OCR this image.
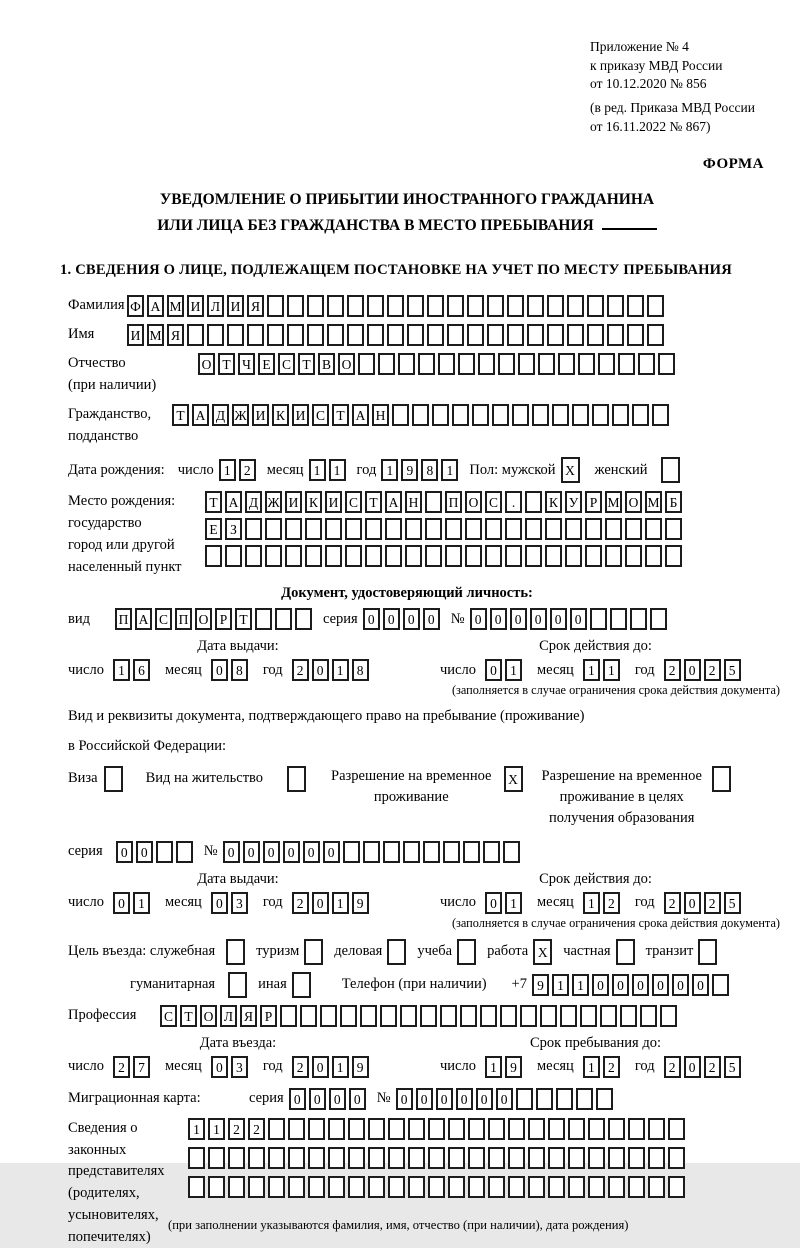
Приложение № 4
к приказу МВД России
от 10.12.2020 № 856
(в ред. Приказа МВД России
от 16.11.2022 № 867)
ФОРМА
УВЕДОМЛЕНИЕ О ПРИБЫТИИ ИНОСТРАННОГО ГРАЖДАНИНА
ИЛИ ЛИЦА БЕЗ ГРАЖДАНСТВА В МЕСТО ПРЕБЫВАНИЯ
1. СВЕДЕНИЯ О ЛИЦЕ, ПОДЛЕЖАЩЕМ ПОСТАНОВКЕ НА УЧЕТ ПО МЕСТУ ПРЕБЫВАНИЯ
Фамилия Ф А М И Л И Я
Имя	И М Я
Отчество
(при наличии)
О Т Ч Е С Т В О
Гражданство,
подданство
Т А Д Ж И К И С Т А Н
Дата рождения: число 1 2	месяц 1 1	год 1 9 8 1	Пол: мужской X	женский
Место рождения:
государство
город или другой
населенный пункт
Т А Д Ж И К И С Т А Н П О С .	К У Р М О М Б
Е З
Документ, удостоверяющий личность:
вид	П А С П О Р Т	серия 0 0 0 0	№ 0 0 0 0 0 0
Дата выдачи:
число 1 6 месяц 0 8 год 2 0 1 8
Срок действия до:
число 0 1 месяц 1 1 год 2 0 2 5
(заполняется в случае ограничения срока действия документа)
Вид и реквизиты документа, подтверждающего право на пребывание (проживание)
в Российской Федерации:
Виза	Вид на жительство	Разрешение на временное
проживание
X	Разрешение на временное
проживание в целях
получения образования
серия	0 0	№ 0 0 0 0 0 0
Дата выдачи:
число 0 1 месяц 0 3 год 2 0 1 9
Срок действия до:
число 0 1 месяц 1 2 год 2 0 2 5
(заполняется в случае ограничения срока действия документа)
Цель въезда: служебная	туризм деловая учеба работа X	частная транзит
гуманитарная	иная	Телефон (при наличии) +7 9 1 1 0 0 0 0 0 0
Профессия	С Т О Л Я Р
Дата въезда:
число 2 7 месяц 0 3 год 2 0 1 9
Срок пребывания до:
число 1 9 месяц 1 2 год 2 0 2 5
Миграционная карта:	серия 0 0 0 0	№ 0 0 0 0 0 0
Сведения о
законных
представителях
(родителях,
усыновителях,
попечителях)
1 1 2 2
(при заполнении указываются фамилия, имя, отчество (при наличии), дата рождения)
